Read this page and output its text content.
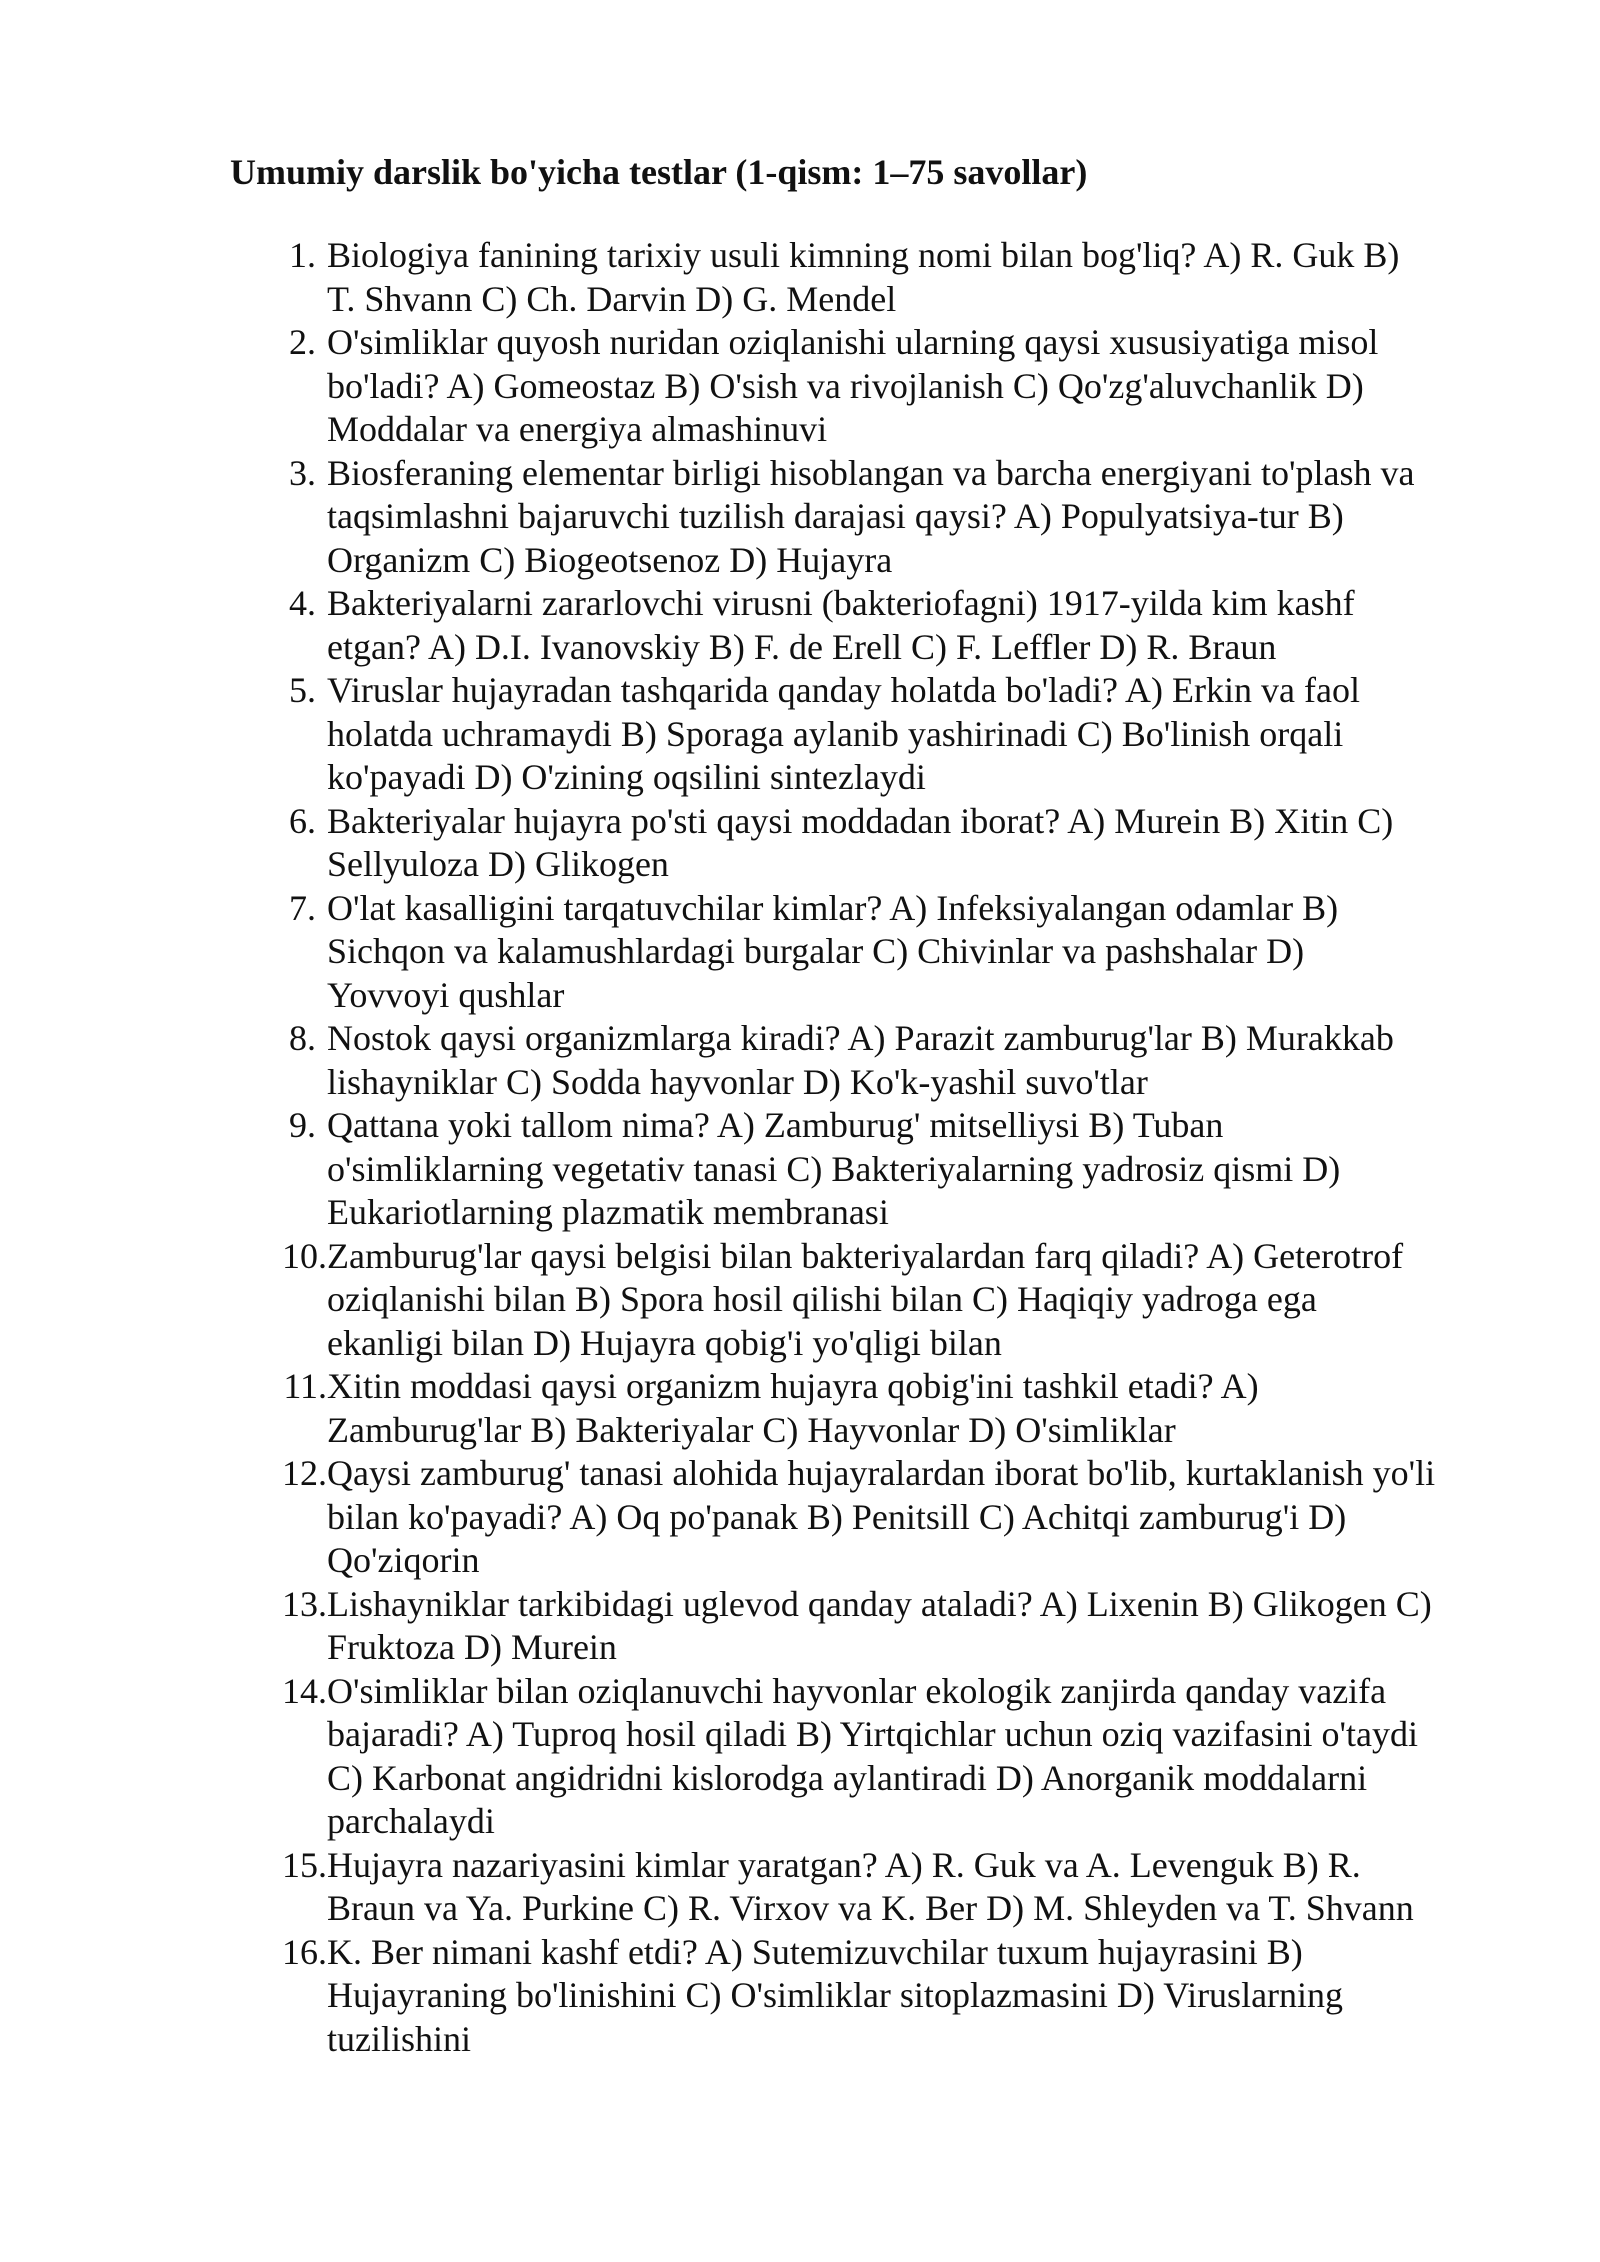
Umumiy darslik bo'yicha testlar (1-qism: 1–75 savollar)
1. Biologiya fanining tarixiy usuli kimning nomi bilan bog'liq? A) R. Guk B)
T. Shvann C) Ch. Darvin D) G. Mendel
2. O'simliklar quyosh nuridan oziqlanishi ularning qaysi xususiyatiga misol
bo'ladi? A) Gomeostaz B) O'sish va rivojlanish C) Qo'zg'aluvchanlik D)
Moddalar va energiya almashinuvi
3. Biosferaning elementar birligi hisoblangan va barcha energiyani to'plash va
taqsimlashni bajaruvchi tuzilish darajasi qaysi? A) Populyatsiya-tur B)
Organizm C) Biogeotsenoz D) Hujayra
4. Bakteriyalarni zararlovchi virusni (bakteriofagni) 1917-yilda kim kashf
etgan? A) D.I. Ivanovskiy B) F. de Erell C) F. Leffler D) R. Braun
5. Viruslar hujayradan tashqarida qanday holatda bo'ladi? A) Erkin va faol
holatda uchramaydi B) Sporaga aylanib yashirinadi C) Bo'linish orqali
ko'payadi D) O'zining oqsilini sintezlaydi
6. Bakteriyalar hujayra po'sti qaysi moddadan iborat? A) Murein B) Xitin C)
Sellyuloza D) Glikogen
7. O'lat kasalligini tarqatuvchilar kimlar? A) Infeksiyalangan odamlar B)
Sichqon va kalamushlardagi burgalar C) Chivinlar va pashshalar D)
Yovvoyi qushlar
8. Nostok qaysi organizmlarga kiradi? A) Parazit zamburug'lar B) Murakkab
lishayniklar C) Sodda hayvonlar D) Ko'k-yashil suvo'tlar
9. Qattana yoki tallom nima? A) Zamburug' mitselliysi B) Tuban
o'simliklarning vegetativ tanasi C) Bakteriyalarning yadrosiz qismi D)
Eukariotlarning plazmatik membranasi
10. Zamburug'lar qaysi belgisi bilan bakteriyalardan farq qiladi? A) Geterotrof
oziqlanishi bilan B) Spora hosil qilishi bilan C) Haqiqiy yadroga ega
ekanligi bilan D) Hujayra qobig'i yo'qligi bilan
11. Xitin moddasi qaysi organizm hujayra qobig'ini tashkil etadi? A)
Zamburug'lar B) Bakteriyalar C) Hayvonlar D) O'simliklar
12. Qaysi zamburug' tanasi alohida hujayralardan iborat bo'lib, kurtaklanish yo'li
bilan ko'payadi? A) Oq po'panak B) Penitsill C) Achitqi zamburug'i D)
Qo'ziqorin
13. Lishayniklar tarkibidagi uglevod qanday ataladi? A) Lixenin B) Glikogen C)
Fruktoza D) Murein
14. O'simliklar bilan oziqlanuvchi hayvonlar ekologik zanjirda qanday vazifa
bajaradi? A) Tuproq hosil qiladi B) Yirtqichlar uchun oziq vazifasini o'taydi
C) Karbonat angidridni kislorodga aylantiradi D) Anorganik moddalarni
parchalaydi
15. Hujayra nazariyasini kimlar yaratgan? A) R. Guk va A. Levenguk B) R.
Braun va Ya. Purkine C) R. Virxov va K. Ber D) M. Shleyden va T. Shvann
16. K. Ber nimani kashf etdi? A) Sutemizuvchilar tuxum hujayrasini B)
Hujayraning bo'linishini C) O'simliklar sitoplazmasini D) Viruslarning
tuzilishini
